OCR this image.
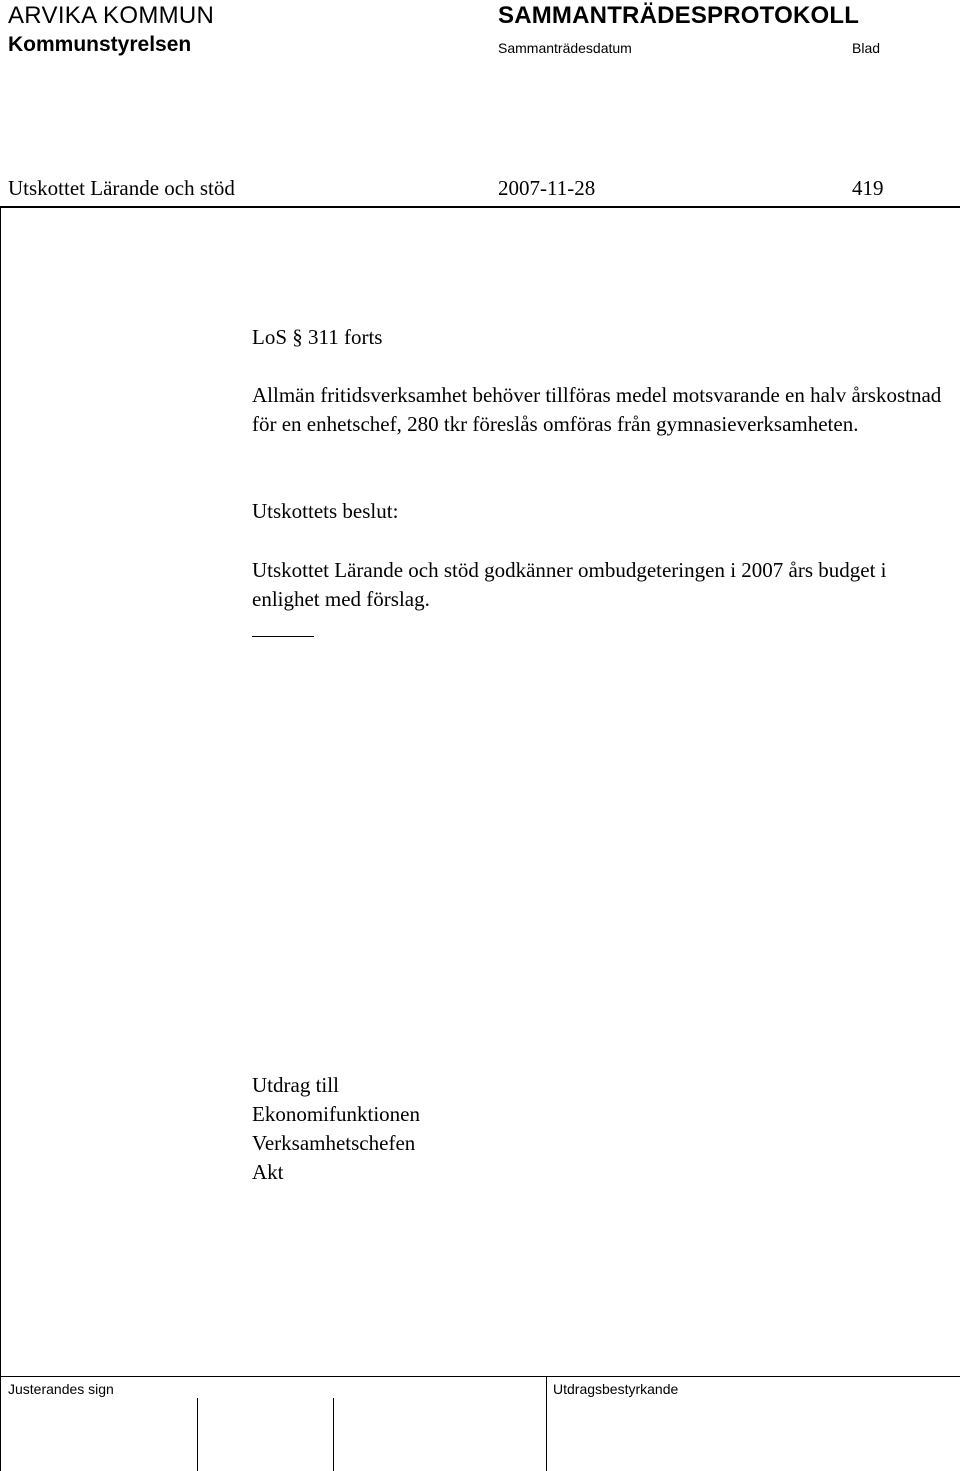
ARVIKA KOMMUN	SAMMANTRÄDESPROTOKOLL
Kommunstyrelsen	Sammanträdesdatum	Blad
Utskottet Lärande och stöd	2007-11-28	419
LoS § 311 forts

Allmän fritidsverksamhet behöver tillföras medel motsvarande en halv årskostnad för en enhetschef, 280 tkr föreslås omföras från gymnasieverksamheten.

Utskottets beslut:

Utskottet Lärande och stöd godkänner ombudgeteringen i 2007 års budget i enlighet med förslag.

Utdrag till
Ekonomifunktionen
Verksamhetschefen
Akt
Justerandes sign	Utdragsbestyrkande
